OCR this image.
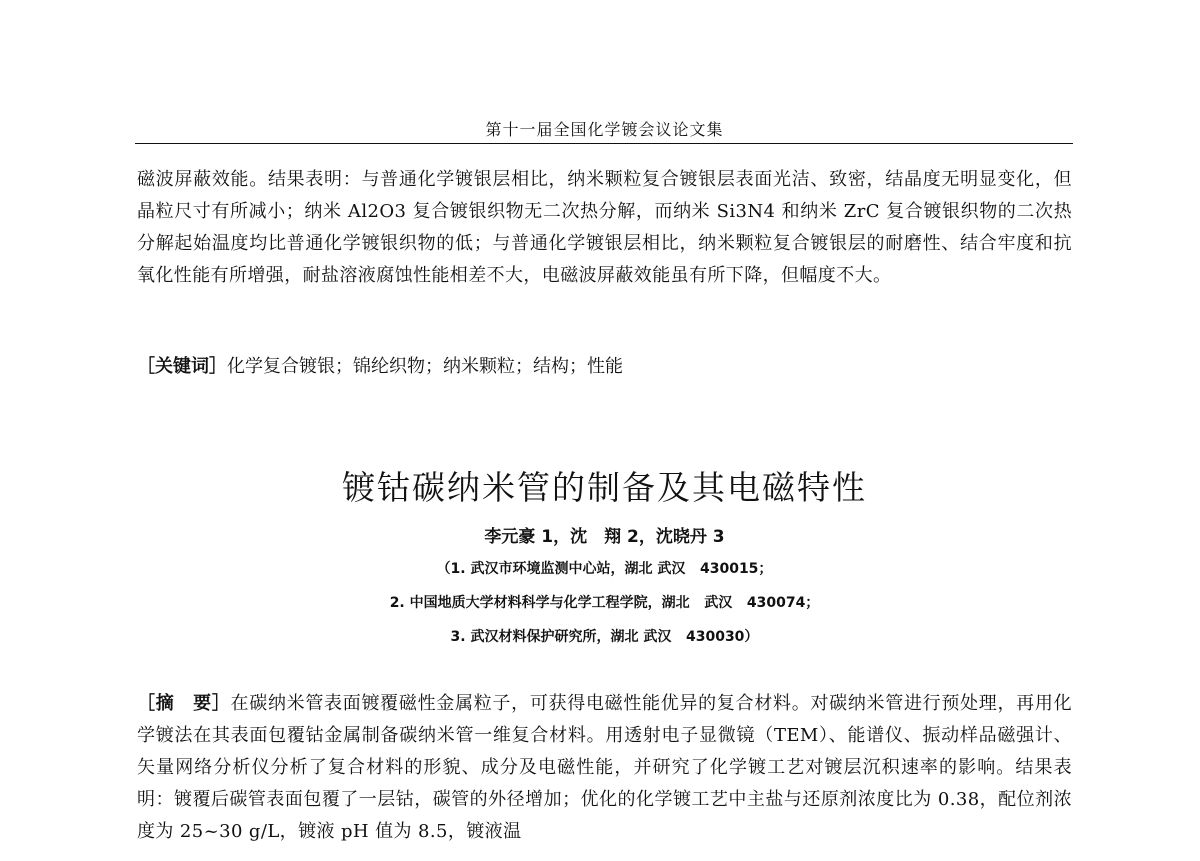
第十一届全国化学镀会议论文集

磁波屏蔽效能。结果表明：与普通化学镀银层相比，纳米颗粒复合镀银层表面光洁、致密，结晶度无明显变化，但晶粒尺寸有所减小；纳米 Al2O3 复合镀银织物无二次热分解，而纳米 Si3N4 和纳米 ZrC 复合镀银织物的二次热分解起始温度均比普通化学镀银织物的低；与普通化学镀银层相比，纳米颗粒复合镀银层的耐磨性、结合牢度和抗氧化性能有所增强，耐盐溶液腐蚀性能相差不大，电磁波屏蔽效能虽有所下降，但幅度不大。

［关键词］化学复合镀银；锦纶织物；纳米颗粒；结构；性能
镀钴碳纳米管的制备及其电磁特性
李元豪 1，沈　翔 2，沈晓丹 3
（1. 武汉市环境监测中心站，湖北 武汉   430015；
2. 中国地质大学材料科学与化学工程学院，湖北   武汉   430074；
3. 武汉材料保护研究所，湖北 武汉   430030）

［摘　要］在碳纳米管表面镀覆磁性金属粒子，可获得电磁性能优异的复合材料。对碳纳米管进行预处理，再用化学镀法在其表面包覆钴金属制备碳纳米管一维复合材料。用透射电子显微镜（TEM）、能谱仪、振动样品磁强计、矢量网络分析仪分析了复合材料的形貌、成分及电磁性能，并研究了化学镀工艺对镀层沉积速率的影响。结果表明：镀覆后碳管表面包覆了一层钴，碳管的外径增加；优化的化学镀工艺中主盐与还原剂浓度比为 0.38，配位剂浓度为 25~30 g/L，镀液 pH 值为 8.5，镀液温
